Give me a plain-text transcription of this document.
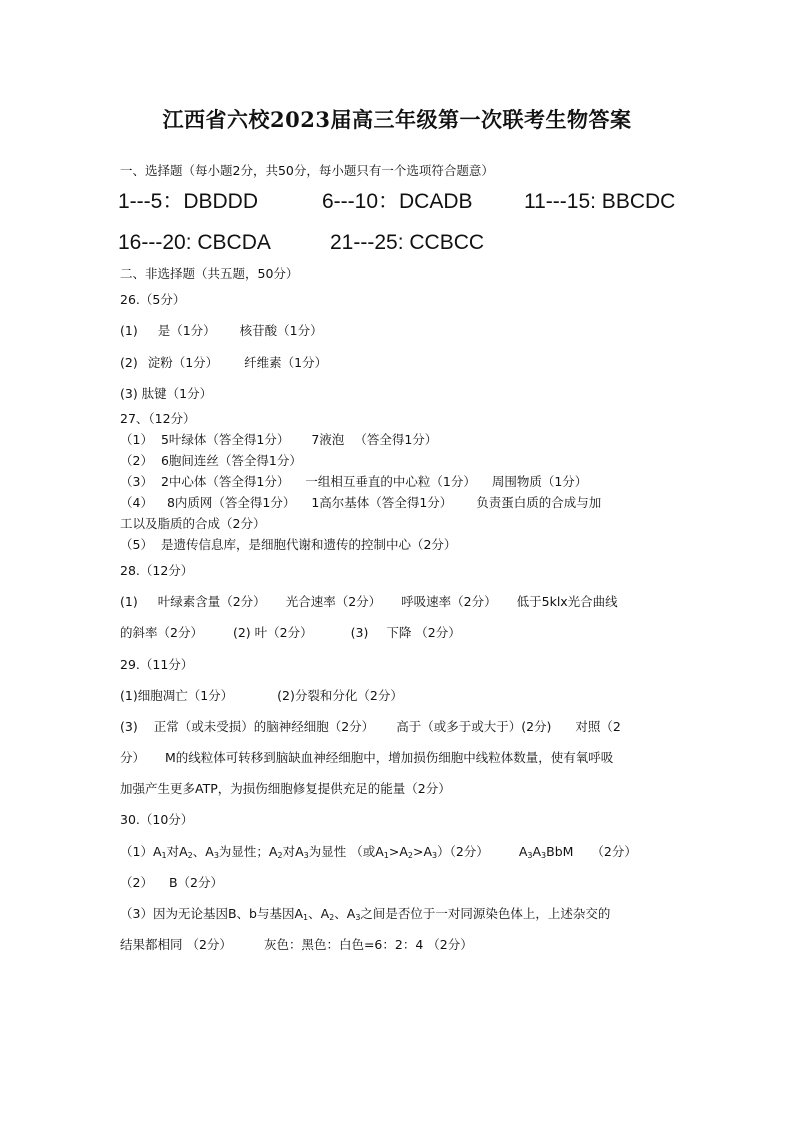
江西省六校2023届高三年级第一次联考生物答案
一、选择题（每小题2分，共50分，每小题只有一个选项符合题意）
1---5：DBDDD	6---10：DCADB 11---15: BBCDC
16---20: CBCDA	21---25: CCBCC
二、非选择题（共五题，50分）
26.（5分）
(1) 是（1分） 核苷酸（1分）
(2) 淀粉（1分） 纤维素（1分）
(3) 肽键（1分）
27、（12分）
（1） 5叶绿体（答全得1分） 7液泡 （答全得1分）
（2） 6胞间连丝（答全得1分）
（3） 2中心体（答全得1分） 一组相互垂直的中心粒（1分） 周围物质（1分）
（4） 8内质网（答全得1分） 1高尔基体（答全得1分） 负责蛋白质的合成与加
工以及脂质的合成（2分）
（5） 是遗传信息库，是细胞代谢和遗传的控制中心（2分）
28.（12分）
(1) 叶绿素含量（2分） 光合速率（2分） 呼吸速率（2分） 低于5klx光合曲线
的斜率（2分） (2) 叶（2分）	(3) 下降 （2分）
29.（11分）
(1)细胞凋亡（1分）	(2)分裂和分化（2分）
(3) 正常（或未受损）的脑神经细胞（2分） 高于（或多于或大于）(2分) 对照（2
分） M的线粒体可转移到脑缺血神经细胞中，增加损伤细胞中线粒体数量，使有氧呼吸
加强产生更多ATP，为损伤细胞修复提供充足的能量（2分）
30.（10分）
$(1)A_1$对$A_2$、$A_3$为显性；$A_2$对$A_3$为显性 （或$A_1>A_2>A_3)(2$分） $A_3A_3BbM$ （2分）
（2） B（2分）
（3）因为无论基因B、b与基因$A_1$、$A_2$、$A_3$之间是否位于一对同源染色体上，上述杂交的
结果都相同 （2分）	灰色：黑色：白色=6：2：4 （2分）
